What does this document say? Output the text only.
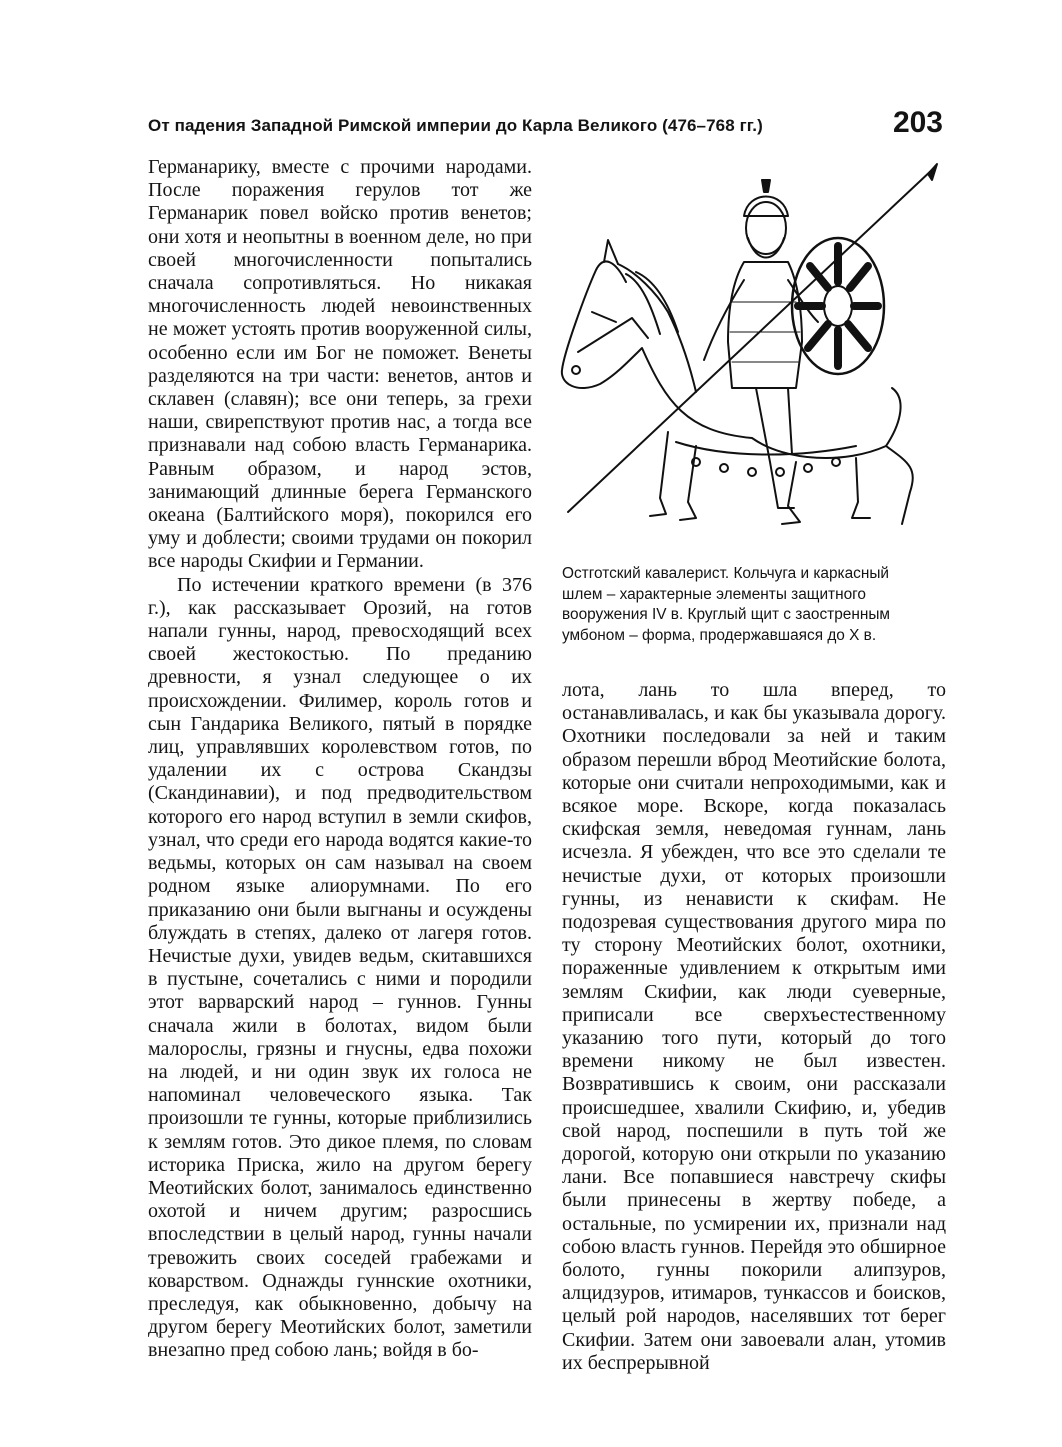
От падения Западной Римской империи до Карла Великого (476–768 гг.)	203

Германарику, вместе с прочими народами. После поражения герулов тот же Германарик повел войско против венетов; они хотя и неопытны в военном деле, но при своей многочисленности попытались сначала сопротивляться. Но никакая многочисленность людей невоинственных не может устоять против вооруженной силы, особенно если им Бог не поможет. Венеты разделяются на три части: венетов, антов и склавен (славян); все они теперь, за грехи наши, свирепствуют против нас, а тогда все признавали над собою власть Германарика. Равным образом, и народ эстов, занимающий длинные берега Германского океана (Балтийского моря), покорился его уму и доблести; своими трудами он покорил все народы Скифии и Германии.

По истечении краткого времени (в 376 г.), как рассказывает Орозий, на готов напали гунны, народ, превосходящий всех своей жестокостью. По преданию древности, я узнал следующее о их происхождении. Филимер, король готов и сын Гандарика Великого, пятый в порядке лиц, управлявших королевством готов, по удалении их с острова Скандзы (Скандинавии), и под предводительством которого его народ вступил в земли скифов, узнал, что среди его народа водятся какие-то ведьмы, которых он сам называл на своем родном языке алиорумнами. По его приказанию они были выгнаны и осуждены блуждать в степях, далеко от лагеря готов. Нечистые духи, увидев ведьм, скитавшихся в пустыне, сочетались с ними и породили этот варварский народ – гуннов. Гунны сначала жили в болотах, видом были малорослы, грязны и гнусны, едва похожи на людей, и ни один звук их голоса не напоминал человеческого языка. Так произошли те гунны, которые приблизились к землям готов. Это дикое племя, по словам историка Приска, жило на другом берегу Меотийских болот, занималось единственно охотой и ничем другим; разросшись впоследствии в целый народ, гунны начали тревожить своих соседей грабежами и коварством. Однажды гуннские охотники, преследуя, как обыкновенно, добычу на другом берегу Меотийских болот, заметили внезапно пред собою лань; войдя в бо-

Остготский кавалерист. Кольчуга и каркасный
шлем – характерные элементы защитного
вооружения IV в. Круглый щит с заостренным
умбоном – форма, продержавшаяся до Х в.

лота, лань то шла вперед, то останавливалась, и как бы указывала дорогу. Охотники последовали за ней и таким образом перешли вброд Меотийские болота, которые они считали непроходимыми, как и всякое море. Вскоре, когда показалась скифская земля, неведомая гуннам, лань исчезла. Я убежден, что все это сделали те нечистые духи, от которых произошли гунны, из ненависти к скифам. Не подозревая существования другого мира по ту сторону Меотийских болот, охотники, пораженные удивлением к открытым ими землям Скифии, как люди суеверные, приписали все сверхъестественному указанию того пути, который до того времени никому не был известен. Возвратившись к своим, они рассказали происшедшее, хвалили Скифию, и, убедив свой народ, поспешили в путь той же дорогой, которую они открыли по указанию лани. Все попавшиеся навстречу скифы были принесены в жертву победе, а остальные, по усмирении их, признали над собою власть гуннов. Перейдя это обширное болото, гунны покорили алипзуров, алцидзуров, итимаров, тункассов и боисков, целый рой народов, населявших тот берег Скифии. Затем они завоевали алан, утомив их беспрерывной
